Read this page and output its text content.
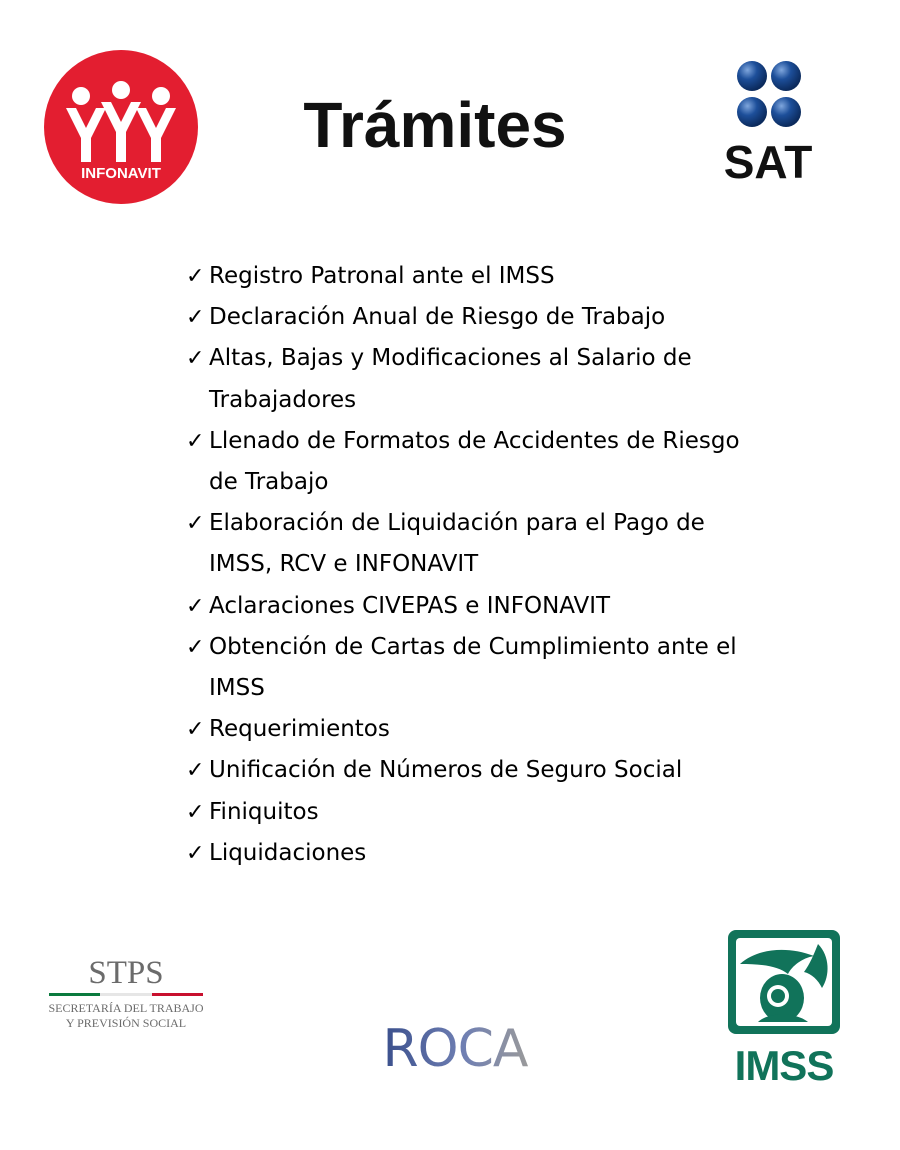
INFONAVIT
Trámites
SAT
✓ Registro Patronal ante el IMSS
✓ Declaración Anual de Riesgo de Trabajo
✓ Altas, Bajas y Modificaciones al Salario de Trabajadores
✓ Llenado de Formatos de Accidentes de Riesgo de Trabajo
✓ Elaboración de Liquidación para el Pago de IMSS, RCV e INFONAVIT
✓ Aclaraciones CIVEPAS e INFONAVIT
✓ Obtención de Cartas de Cumplimiento ante el IMSS
✓ Requerimientos
✓ Unificación de Números de Seguro Social
✓ Finiquitos
✓ Liquidaciones
STPS
SECRETARÍA DEL TRABAJO
Y PREVISIÓN SOCIAL	ROCA	IMSS
